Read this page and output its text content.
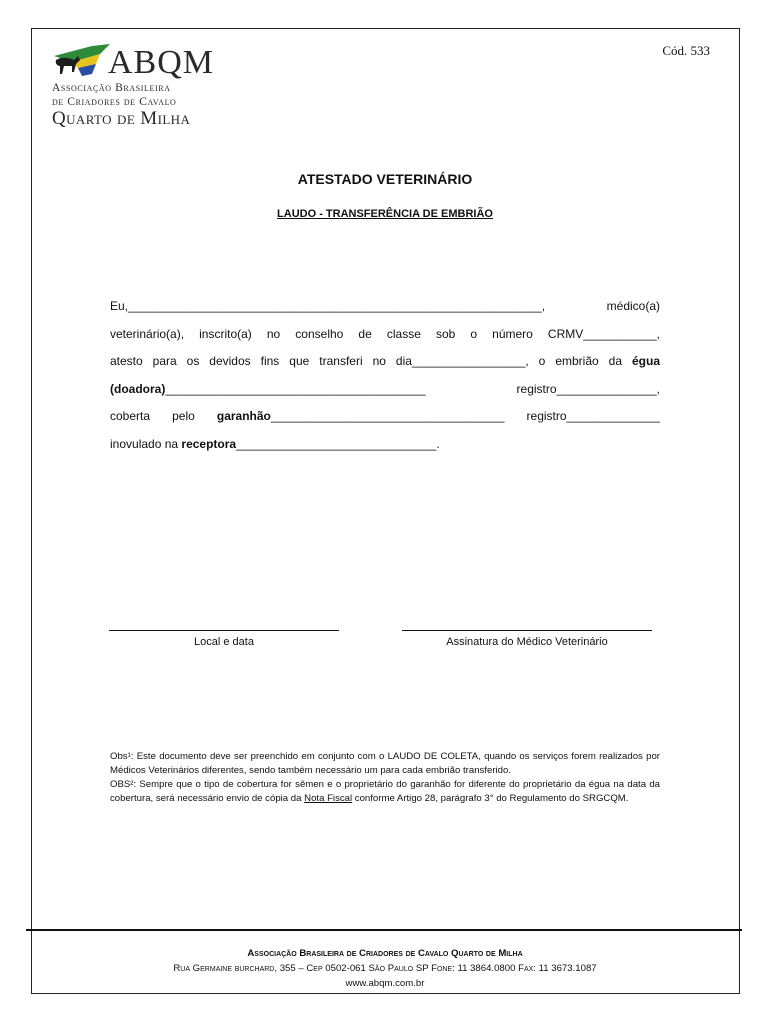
Cód. 533
ABQM
Associação Brasileira
de Criadores de Cavalo
Quarto de Milha
ATESTADO VETERINÁRIO
LAUDO - TRANSFERÊNCIA DE EMBRIÃO
Eu,______________________________________________________________, médico(a)
veterinário(a), inscrito(a) no conselho de classe sob o número CRMV___________,
atesto para os devidos fins que transferi no dia_________________, o embrião da égua
(doadora)_______________________________________ registro_______________,
coberta pelo garanhão___________________________________ registro______________
inovulado na receptora______________________________.
Local e data	Assinatura do Médico Veterinário

Obs¹: Este documento deve ser preenchido em conjunto com o LAUDO DE COLETA, quando os serviços forem realizados por Médicos Veterinários diferentes, sendo também necessário um para cada embrião transferido.

OBS²: Sempre que o tipo de cobertura for sêmen e o proprietário do garanhão for diferente do proprietário da égua na data da cobertura, será necessário envio de cópia da Nota Fiscal conforme Artigo 28, parágrafo 3° do Regulamento do SRGCQM.

Associação Brasileira de Criadores de Cavalo Quarto de Milha
Rua Germaine burchard, 355 – Cep 0502-061 São Paulo SP Fone: 11 3864.0800 Fax: 11 3673.1087
www.abqm.com.br
